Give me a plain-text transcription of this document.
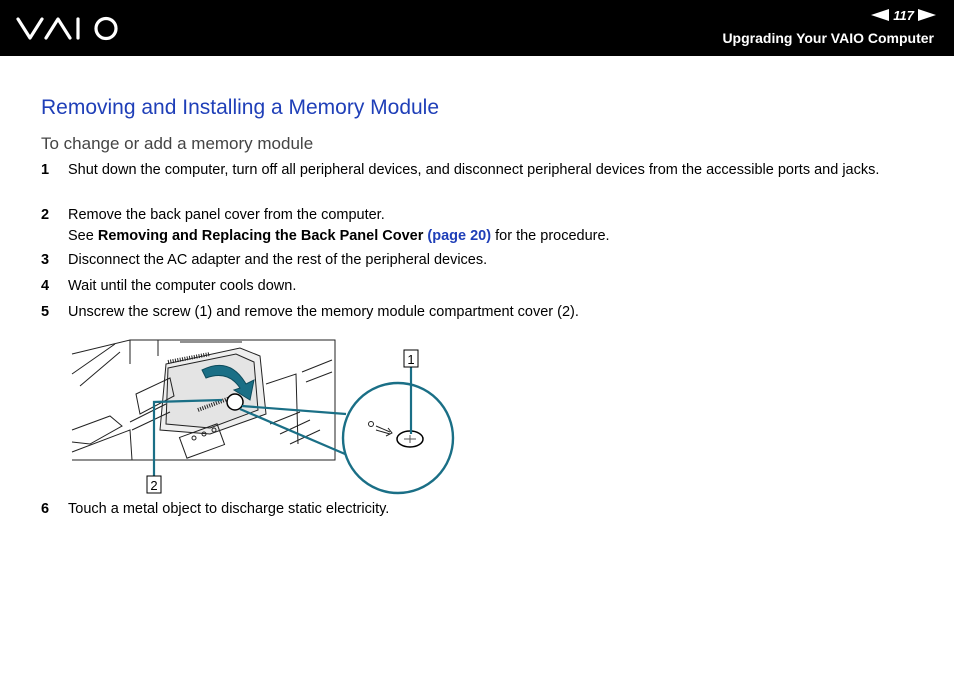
VAIO	117
Upgrading Your VAIO Computer
Removing and Installing a Memory Module
To change or add a memory module
1 Shut down the computer, turn off all peripheral devices, and disconnect peripheral devices from the accessible ports and jacks.
2 Remove the back panel cover from the computer.
See Removing and Replacing the Back Panel Cover (page 20) for the procedure.
3 Disconnect the AC adapter and the rest of the peripheral devices.
4 Wait until the computer cools down.
5 Unscrew the screw (1) and remove the memory module compartment cover (2).
1
2
6 Touch a metal object to discharge static electricity.
